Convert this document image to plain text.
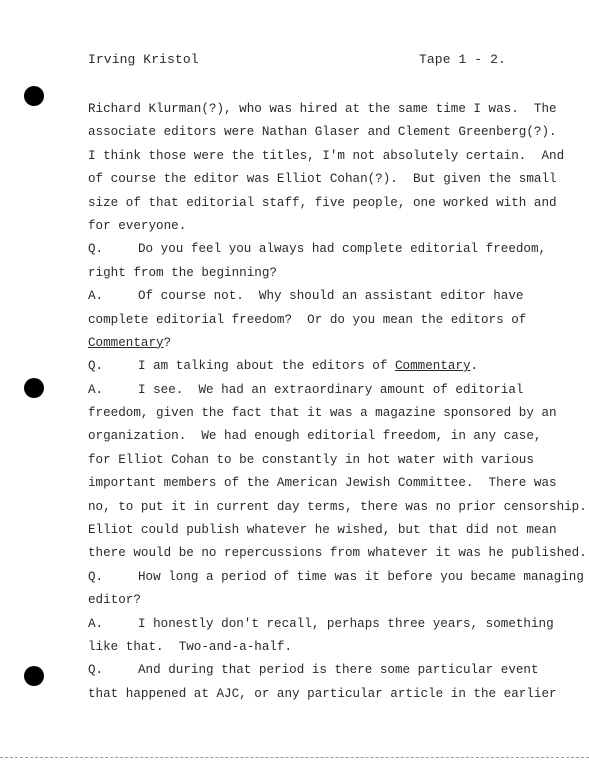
Irving Kristol	Tape 1 - 2.
Richard Klurman(?), who was hired at the same time I was.  The
associate editors were Nathan Glaser and Clement Greenberg(?).
I think those were the titles, I'm not absolutely certain.  And
of course the editor was Elliot Cohan(?).  But given the small
size of that editorial staff, five people, one worked with and
for everyone.
Q.	Do you feel you always had complete editorial freedom,
right from the beginning?
A.	Of course not.  Why should an assistant editor have
complete editorial freedom?  Or do you mean the editors of
Commentary?
Q.	I am talking about the editors of Commentary.
A.	I see.  We had an extraordinary amount of editorial
freedom, given the fact that it was a magazine sponsored by an
organization.  We had enough editorial freedom, in any case,
for Elliot Cohan to be constantly in hot water with various
important members of the American Jewish Committee.  There was
no, to put it in current day terms, there was no prior censorship.
Elliot could publish whatever he wished, but that did not mean
there would be no repercussions from whatever it was he published.
Q.	How long a period of time was it before you became managing
editor?
A.	I honestly don't recall, perhaps three years, something
like that.  Two-and-a-half.
Q.	And during that period is there some particular event
that happened at AJC, or any particular article in the earlier
